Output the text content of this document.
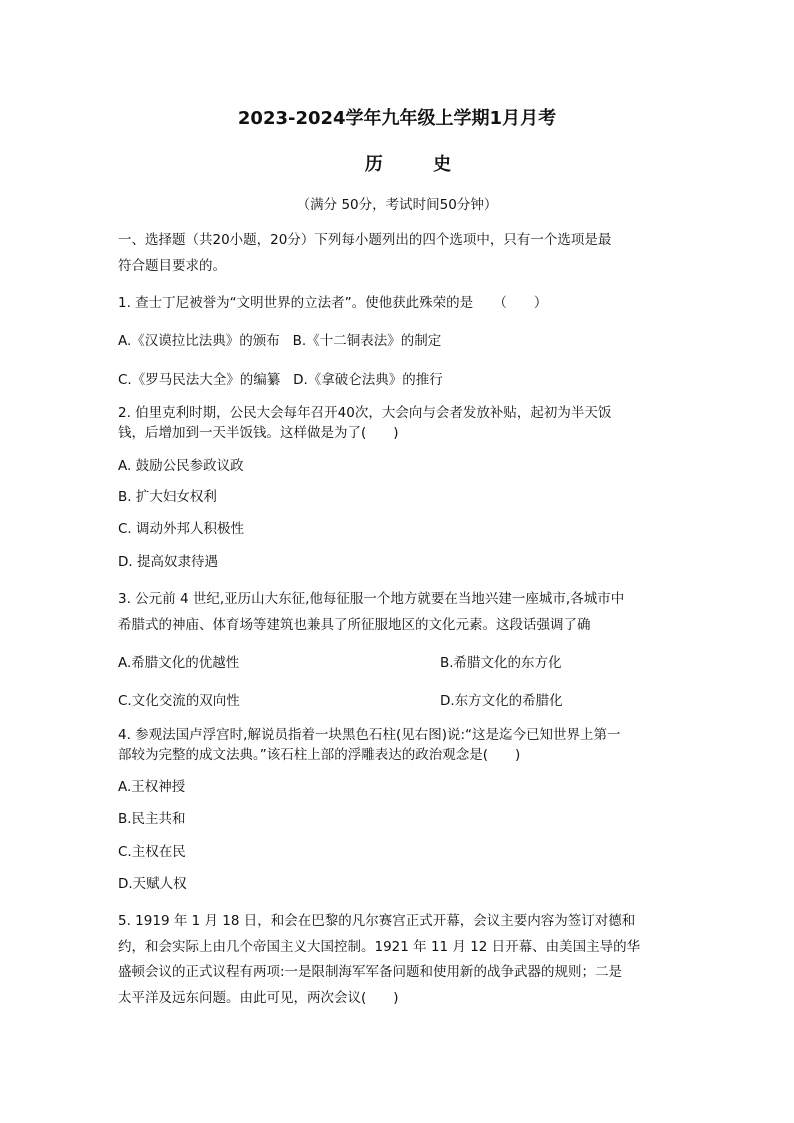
2023-2024学年九年级上学期1月月考
历 史
（满分 50分，考试时间50分钟）
一、选择题（共20小题，20分）下列每小题列出的四个选项中，只有一个选项是最
符合题目要求的。
1. 查士丁尼被誉为“文明世界的立法者”。使他获此殊荣的是　　（　　）
A.《汉谟拉比法典》的颁布 B.《十二铜表法》的制定
C.《罗马民法大全》的编纂 D.《拿破仑法典》的推行
2. 伯里克利时期，公民大会每年召开40次，大会向与会者发放补贴，起初为半天饭
钱，后增加到一天半饭钱。这样做是为了(　　)
A. 鼓励公民参政议政
B. 扩大妇女权利
C. 调动外邦人积极性
D. 提高奴隶待遇
3. 公元前 4 世纪,亚历山大东征,他每征服一个地方就要在当地兴建一座城市,各城市中
希腊式的神庙、体育场等建筑也兼具了所征服地区的文化元素。这段话强调了确
A.希腊文化的优越性	B.希腊文化的东方化
C.文化交流的双向性	D.东方文化的希腊化
4. 参观法国卢浮宫时,解说员指着一块黑色石柱(见右图)说:“这是迄今已知世界上第一
部较为完整的成文法典。”该石柱上部的浮雕表达的政治观念是(　　)
A.王权神授
B.民主共和
C.主权在民
D.天赋人权
5. 1919 年 1 月 18 日，和会在巴黎的凡尔赛宫正式开幕，会议主要内容为签订对德和
约，和会实际上由几个帝国主义大国控制。1921 年 11 月 12 日开幕、由美国主导的华
盛顿会议的正式议程有两项:一是限制海军军备问题和使用新的战争武器的规则；二是
太平洋及远东问题。由此可见，两次会议(　　)
